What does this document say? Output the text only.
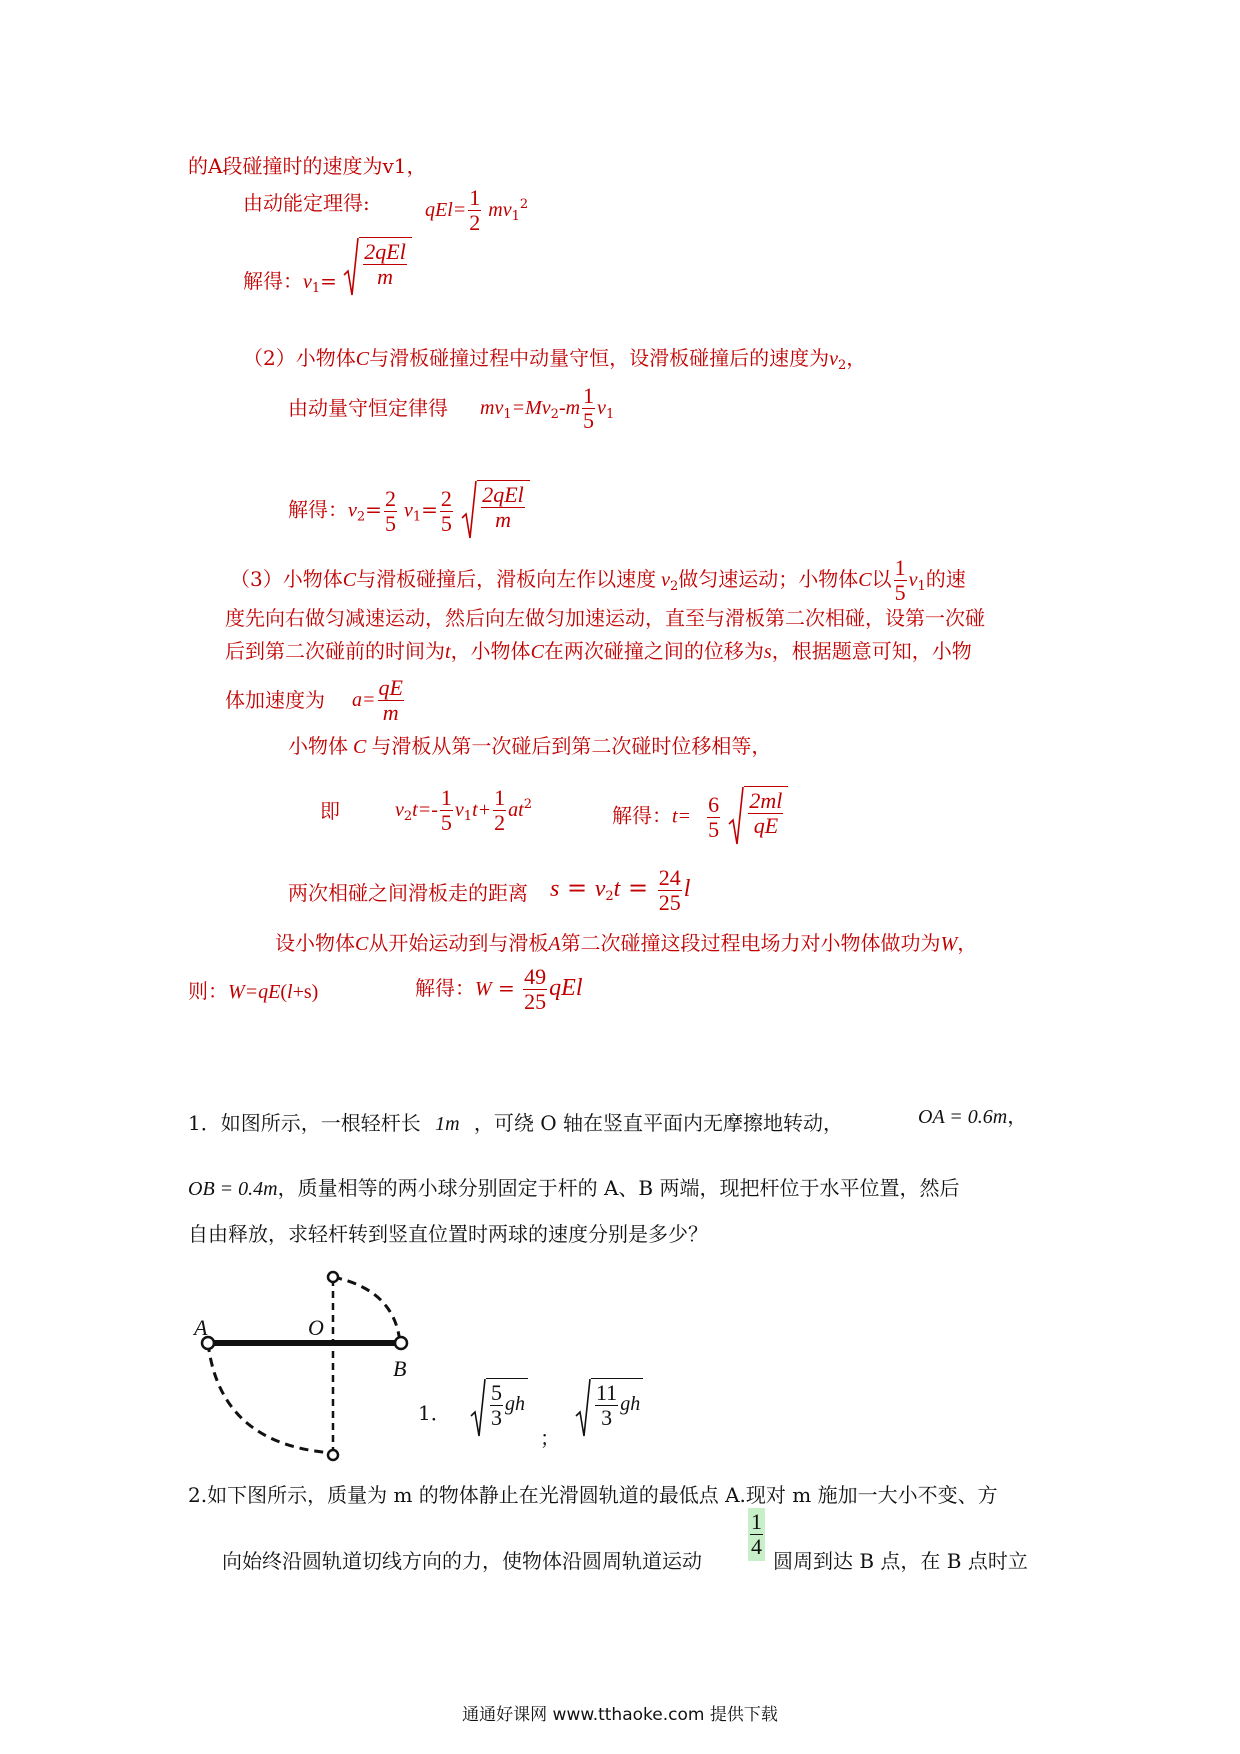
的A段碰撞时的速度为v1，
由动能定理得:	$qEl= \frac{1}{2} mv_1^2$
解得：$v_1= \frac{\text{2qEl}}{m}$
（2）小物体C与滑板碰撞过程中动量守恒，设滑板碰撞后的速度为$v_2$，
由动量守恒定律得 $mv_1=Mv_2-m \frac{1}{5} v_1$
解得：$v_2= \frac{2}{5} v_1= \frac{2}{5}$
$\frac{\text{2qEl}}{m}$
（3）小物体C与滑板碰撞后，滑板向左作以速度 $v_2$做匀速运动；小物体C以 $\frac{1}{5} v_1$的速
度先向右做匀减速运动，然后向左做匀加速运动，直至与滑板第二次相碰，设第一次碰
后到第二次碰前的时间为t，小物体C在两次碰撞之间的位移为s，根据题意可知，小物
体加速度为 $a= \frac{qE}{m}$
小物体 C 与滑板从第一次碰后到第二次碰时位移相等，
即	$v_2t=- \frac{1}{5} v_1t+ \frac{1}{2} at^2$	解得：$t= \frac{6}{5}$
$\frac{2ml}{qE}$
两次相碰之间滑板走的距离 $s = v_2t = \frac{24}{25}$ l
设小物体C从开始运动到与滑板A第二次碰撞这段过程电场力对小物体做功为W，
则：W=qE(l+s)	解得：$W = \frac{49}{25}$ qEl
1．如图所示，一根轻杆长 1m ，可绕 O 轴在竖直平面内无摩擦地转动，	OA = 0.6m，
OB = 0.4m，质量相等的两小球分别固定于杆的 A、B 两端，现把杆位于水平位置，然后
自由释放，求轻杆转到竖直位置时两球的速度分别是多少？
A	O
B
1． $\frac{5}{3}$ gh
；
$\frac{11}{3}$ gh
2.如下图所示，质量为 m 的物体静止在光滑圆轨道的最低点 A.现对 m 施加一大小不变、方
向始终沿圆轨道切线方向的力，使物体沿圆周轨道运动 $\frac{1}{4}$ 圆周到达 B 点，在 B 点时立
通通好课网 www.tthaoke.com 提供下载
